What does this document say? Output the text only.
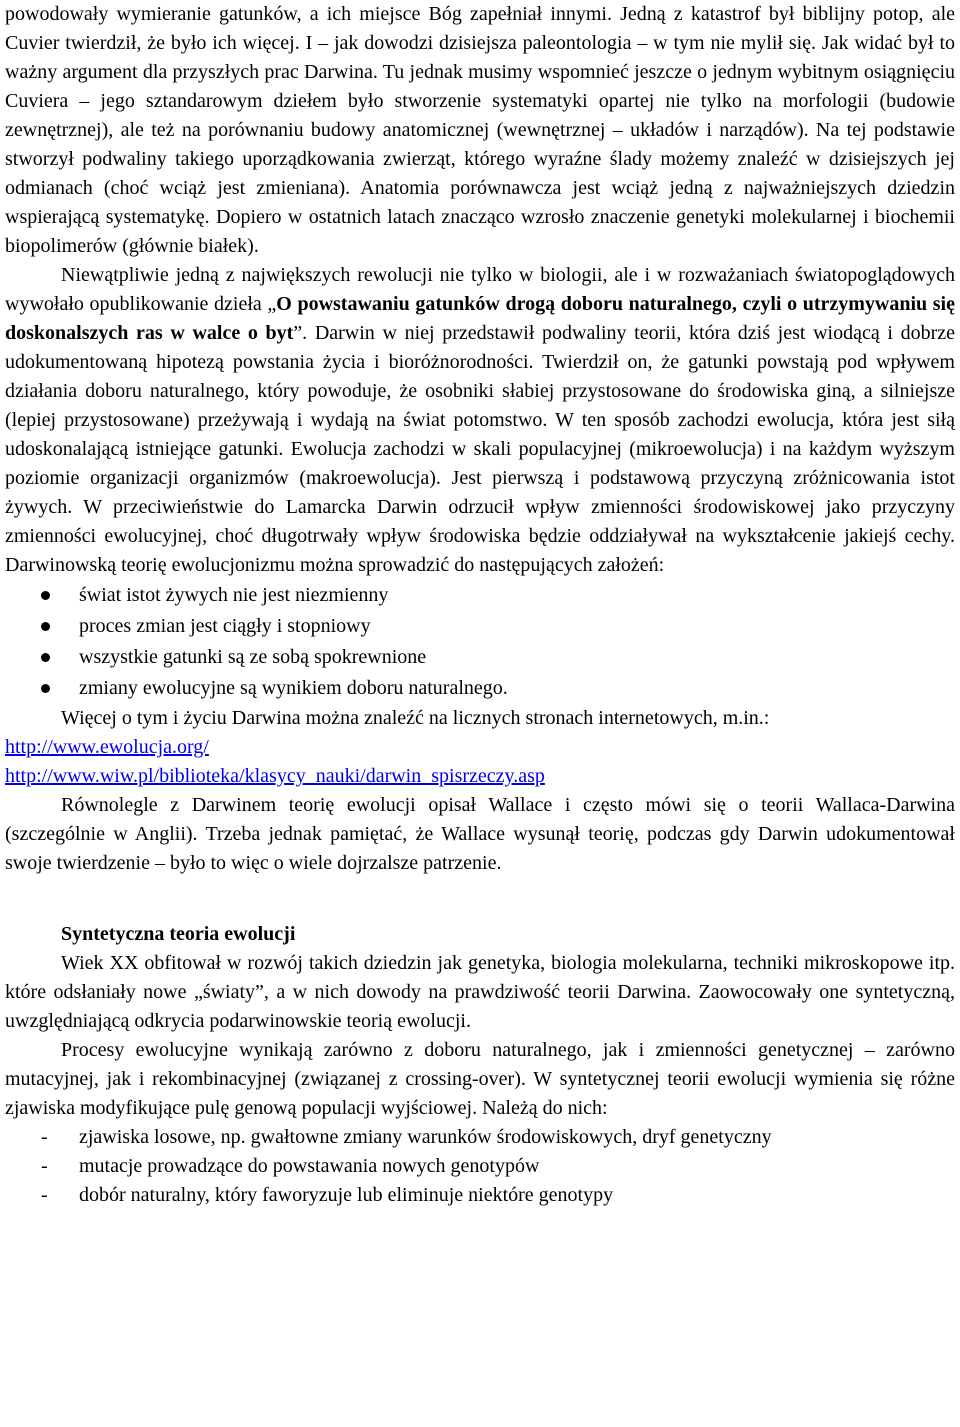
powodowały wymieranie gatunków, a ich miejsce Bóg zapełniał innymi. Jedną z katastrof był biblijny potop, ale Cuvier twierdził, że było ich więcej. I – jak dowodzi dzisiejsza paleontologia – w tym nie mylił się. Jak widać był to ważny argument dla przyszłych prac Darwina. Tu jednak musimy wspomnieć jeszcze o jednym wybitnym osiągnięciu Cuviera – jego sztandarowym dziełem było stworzenie systematyki opartej nie tylko na morfologii (budowie zewnętrznej), ale też na porównaniu budowy anatomicznej (wewnętrznej – układów i narządów). Na tej podstawie stworzył podwaliny takiego uporządkowania zwierząt, którego wyraźne ślady możemy znaleźć w dzisiejszych jej odmianach (choć wciąż jest zmieniana). Anatomia porównawcza jest wciąż jedną z najważniejszych dziedzin wspierającą systematykę. Dopiero w ostatnich latach znacząco wzrosło znaczenie genetyki molekularnej i biochemii biopolimerów (głównie białek).

Niewątpliwie jedną z największych rewolucji nie tylko w biologii, ale i w rozważaniach światopoglądowych wywołało opublikowanie dzieła „O powstawaniu gatunków drogą doboru naturalnego, czyli o utrzymywaniu się doskonalszych ras w walce o byt”. Darwin w niej przedstawił podwaliny teorii, która dziś jest wiodącą i dobrze udokumentowaną hipotezą powstania życia i bioróżnorodności. Twierdził on, że gatunki powstają pod wpływem działania doboru naturalnego, który powoduje, że osobniki słabiej przystosowane do środowiska giną, a silniejsze (lepiej przystosowane) przeżywają i wydają na świat potomstwo. W ten sposób zachodzi ewolucja, która jest siłą udoskonalającą istniejące gatunki. Ewolucja zachodzi w skali populacyjnej (mikroewolucja) i na każdym wyższym poziomie organizacji organizmów (makroewolucja). Jest pierwszą i podstawową przyczyną zróżnicowania istot żywych. W przeciwieństwie do Lamarcka Darwin odrzucił wpływ zmienności środowiskowej jako przyczyny zmienności ewolucyjnej, choć długotrwały wpływ środowiska będzie oddziaływał na wykształcenie jakiejś cechy. Darwinowską teorię ewolucjonizmu można sprowadzić do następujących założeń:

świat istot żywych nie jest niezmienny
proces zmian jest ciągły i stopniowy
wszystkie gatunki są ze sobą spokrewnione
zmiany ewolucyjne są wynikiem doboru naturalnego.

Więcej o tym i życiu Darwina można znaleźć na licznych stronach internetowych, m.in.:

http://www.ewolucja.org/
http://www.wiw.pl/biblioteka/klasycy_nauki/darwin_spisrzeczy.asp

Równolegle z Darwinem teorię ewolucji opisał Wallace i często mówi się o teorii Wallaca-Darwina (szczególnie w Anglii). Trzeba jednak pamiętać, że Wallace wysunął teorię, podczas gdy Darwin udokumentował swoje twierdzenie – było to więc o wiele dojrzalsze patrzenie.

Syntetyczna teoria ewolucji

Wiek XX obfitował w rozwój takich dziedzin jak genetyka, biologia molekularna, techniki mikroskopowe itp. które odsłaniały nowe „światy”, a w nich dowody na prawdziwość teorii Darwina. Zaowocowały one syntetyczną, uwzględniającą odkrycia podarwinowskie teorią ewolucji.

Procesy ewolucyjne wynikają zarówno z doboru naturalnego, jak i zmienności genetycznej – zarówno mutacyjnej, jak i rekombinacyjnej (związanej z crossing-over). W syntetycznej teorii ewolucji wymienia się różne zjawiska modyfikujące pulę genową populacji wyjściowej. Należą do nich:

- zjawiska losowe, np. gwałtowne zmiany warunków środowiskowych, dryf genetyczny
- mutacje prowadzące do powstawania nowych genotypów
- dobór naturalny, który faworyzuje lub eliminuje niektóre genotypy
